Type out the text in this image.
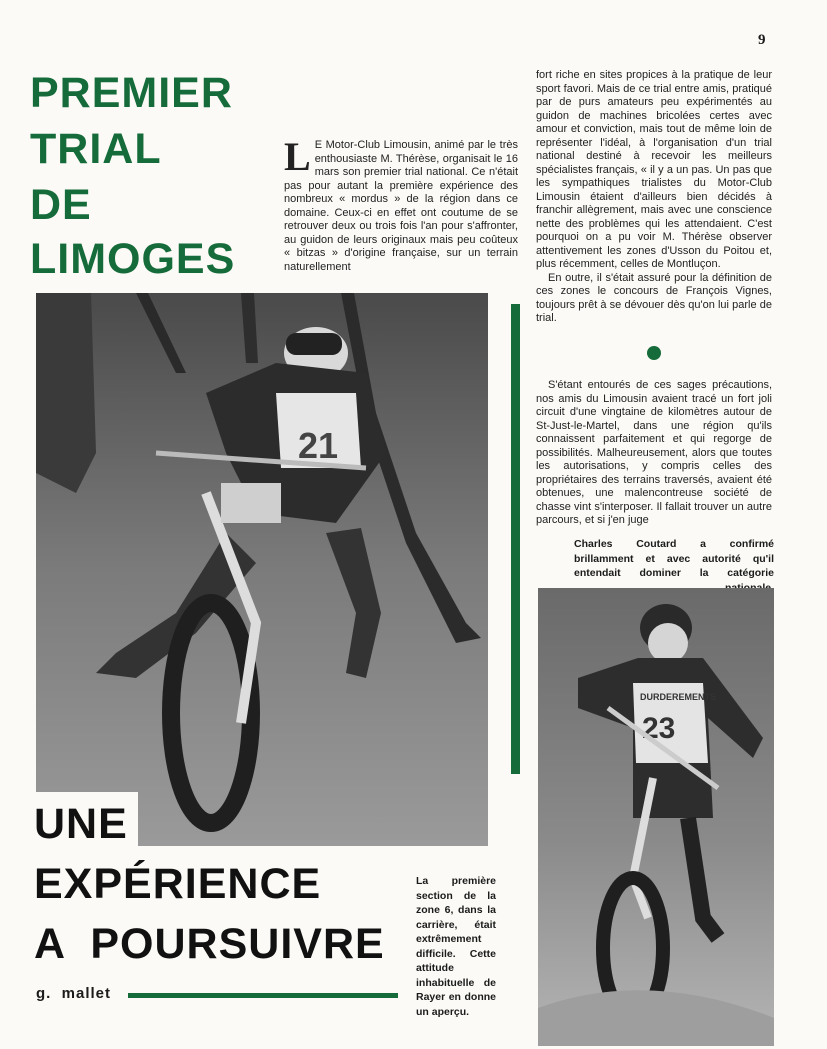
9
PREMIER
TRIAL
DE
LIMOGES
L E Motor-Club Limousin, animé par le très enthousiaste M. Thérèse, organisait le 16 mars son premier trial national. Ce n'était pas pour autant la première expérience des nombreux « mordus » de la région dans ce domaine. Ceux-ci en effet ont coutume de se retrouver deux ou trois fois l'an pour s'affronter, au guidon de leurs originaux mais peu coûteux « bitzas » d'origine française, sur un terrain naturellement
fort riche en sites propices à la pratique de leur sport favori. Mais de ce trial entre amis, pratiqué par de purs amateurs peu expérimentés au guidon de machines bricolées certes avec amour et conviction, mais tout de même loin de représenter l'idéal, à l'organisation d'un trial national destiné à recevoir les meilleurs spécialistes français, « il y a un pas. Un pas que les sympathiques trialistes du Motor-Club Limousin étaient d'ailleurs bien décidés à franchir allègrement, mais avec une conscience nette des problèmes qui les attendaient. C'est pourquoi on a pu voir M. Thérèse observer attentivement les zones d'Usson du Poitou et, plus récemment, celles de Montluçon.
En outre, il s'était assuré pour la définition de ces zones le concours de François Vignes, toujours prêt à se dévouer dès qu'on lui parle de trial.
S'étant entourés de ces sages précautions, nos amis du Limousin avaient tracé un fort joli circuit d'une vingtaine de kilomètres autour de St-Just-le-Martel, dans une région qu'ils connaissent parfaitement et qui regorge de possibilités. Malheureusement, alors que toutes les autorisations, y compris celles des propriétaires des terrains traversés, avaient été obtenues, une malencontreuse société de chasse vint s'interposer. Il fallait trouver un autre parcours, et si j'en juge
21
UNE
EXPÉRIENCE
A  POURSUIVRE
g.  mallet
La première section de la zone 6, dans la carrière, était extrêmement difficile. Cette attitude inhabituelle de Rayer en donne un aperçu.
Charles Coutard a confirmé brillamment et avec autorité qu'il entendait dominer la catégorie
DURDEREMENTS
23
